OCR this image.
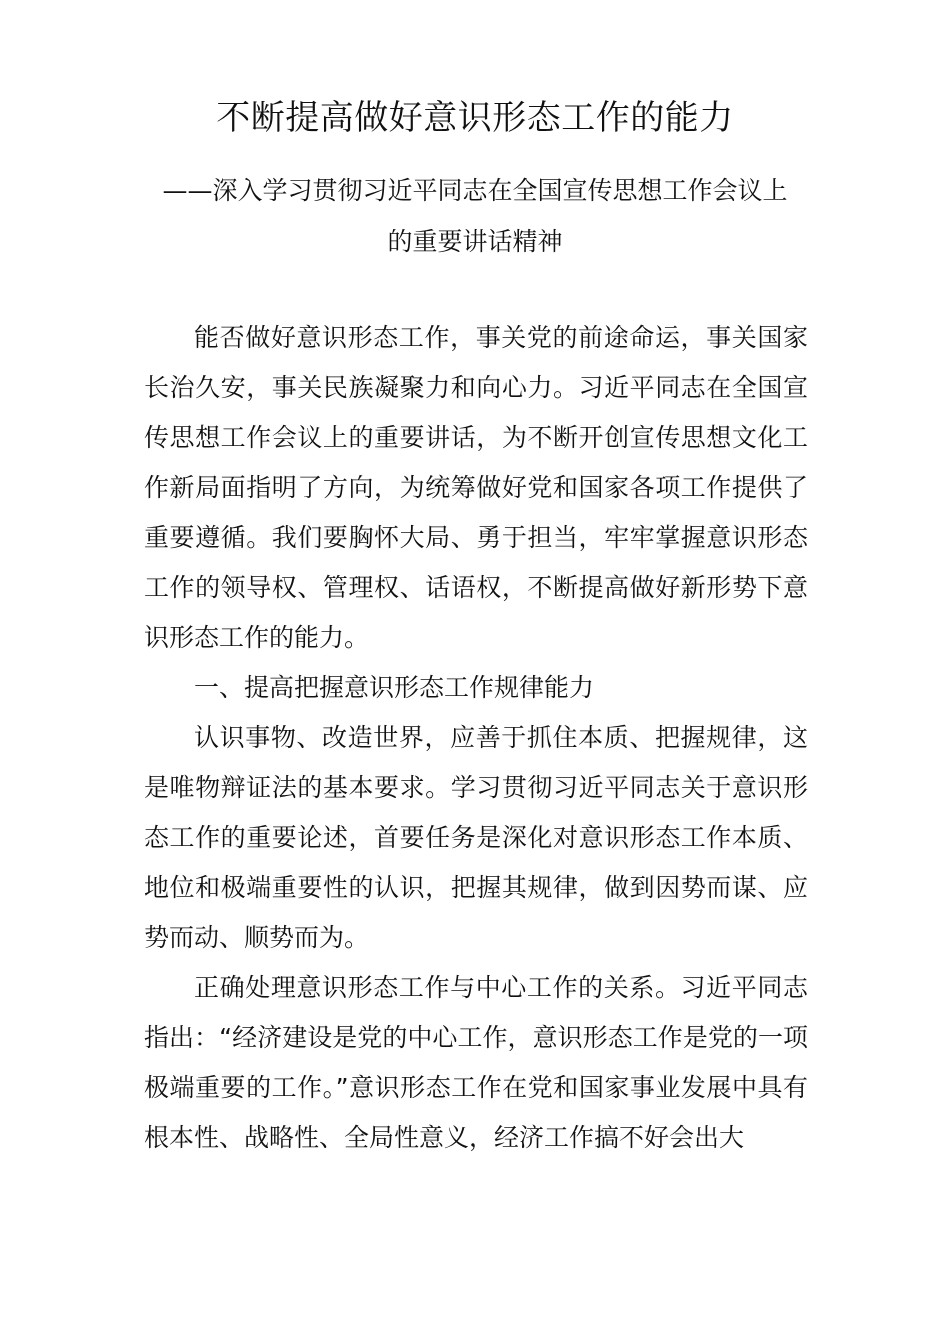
不断提高做好意识形态工作的能力
——深入学习贯彻习近平同志在全国宣传思想工作会议上
的重要讲话精神

能否做好意识形态工作，事关党的前途命运，事关国家长治久安，事关民族凝聚力和向心力。习近平同志在全国宣传思想工作会议上的重要讲话，为不断开创宣传思想文化工作新局面指明了方向，为统筹做好党和国家各项工作提供了重要遵循。我们要胸怀大局、勇于担当，牢牢掌握意识形态工作的领导权、管理权、话语权，不断提高做好新形势下意识形态工作的能力。

一、提高把握意识形态工作规律能力

认识事物、改造世界，应善于抓住本质、把握规律，这是唯物辩证法的基本要求。学习贯彻习近平同志关于意识形态工作的重要论述，首要任务是深化对意识形态工作本质、地位和极端重要性的认识，把握其规律，做到因势而谋、应势而动、顺势而为。

正确处理意识形态工作与中心工作的关系。习近平同志指出：“经济建设是党的中心工作，意识形态工作是党的一项极端重要的工作。”意识形态工作在党和国家事业发展中具有根本性、战略性、全局性意义，经济工作搞不好会出大
